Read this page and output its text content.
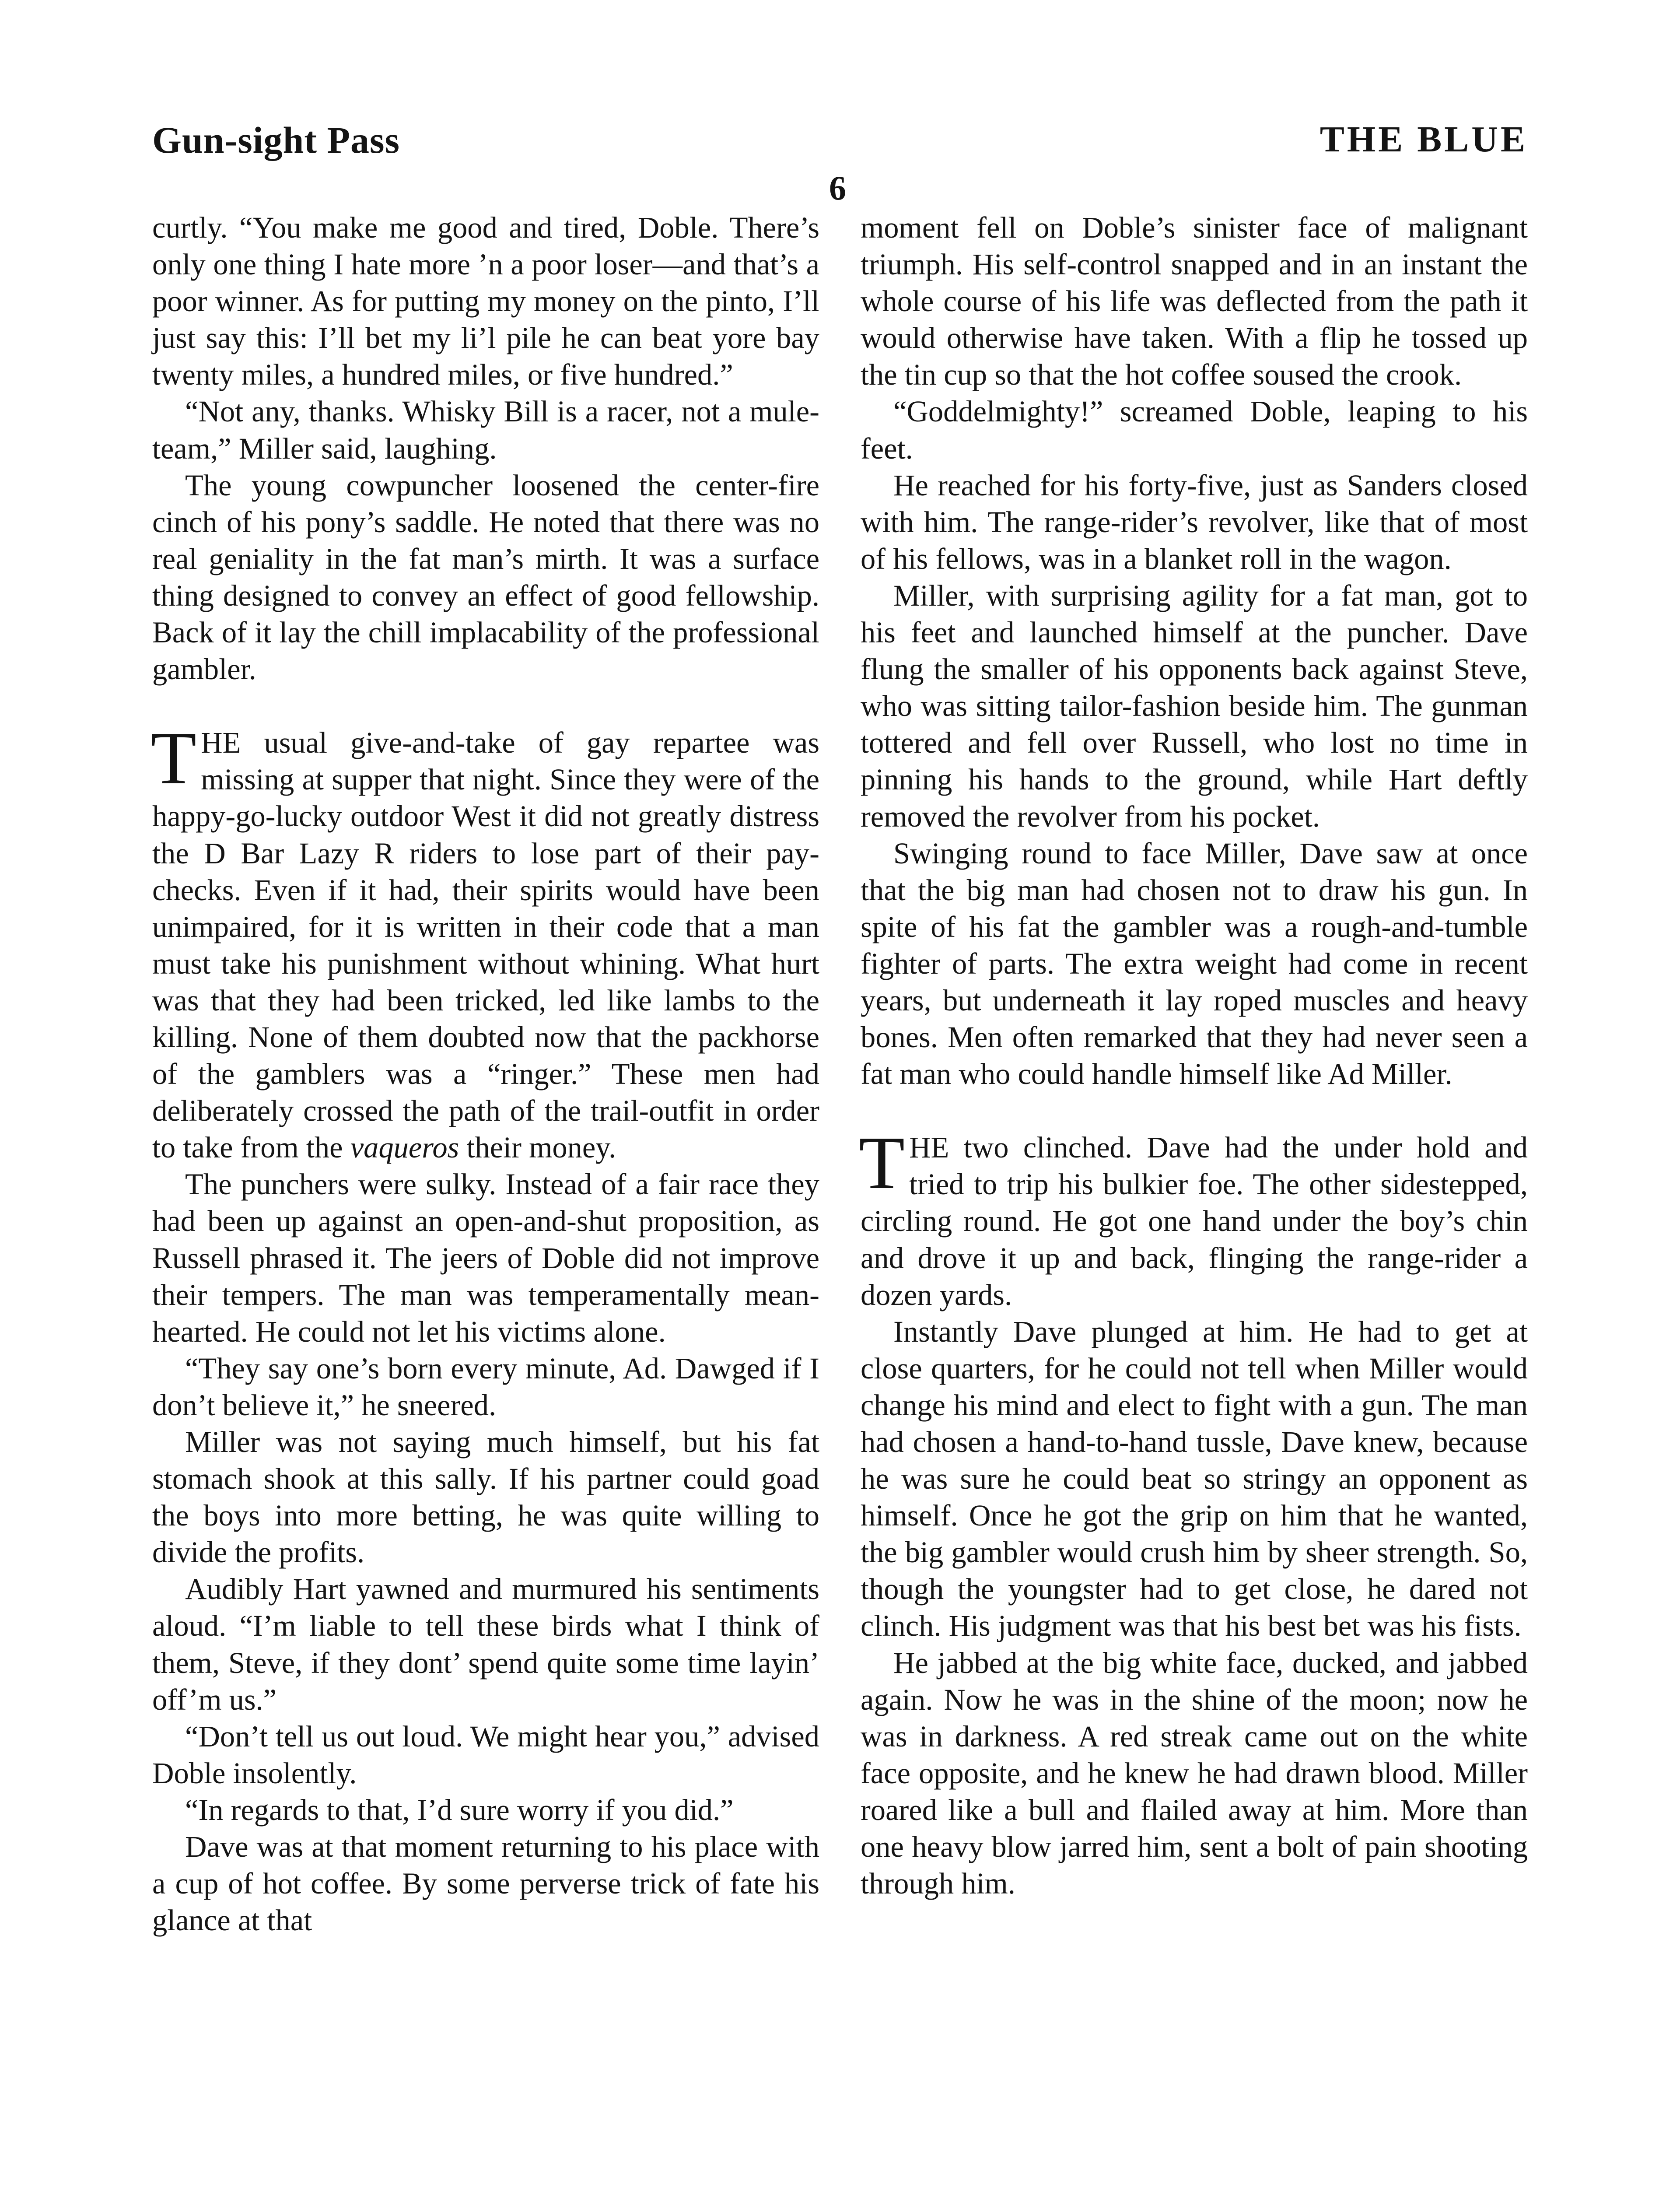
Gun-sight Pass	THE BLUE
6

curtly. “You make me good and tired, Doble. There’s only one thing I hate more ’n a poor loser—and that’s a poor winner. As for putting my money on the pinto, I’ll just say this: I’ll bet my li’l pile he can beat yore bay twenty miles, a hundred miles, or five hundred.”

“Not any, thanks. Whisky Bill is a racer, not a mule-team,” Miller said, laughing.

The young cowpuncher loosened the center-fire cinch of his pony’s saddle. He noted that there was no real geniality in the fat man’s mirth. It was a surface thing designed to convey an effect of good fellowship. Back of it lay the chill implacability of the professional gambler.

THE usual give-and-take of gay repartee was missing at supper that night. Since they were of the happy-go-lucky outdoor West it did not greatly distress the D Bar Lazy R riders to lose part of their pay-checks. Even if it had, their spirits would have been unimpaired, for it is written in their code that a man must take his punishment without whining. What hurt was that they had been tricked, led like lambs to the killing. None of them doubted now that the packhorse of the gamblers was a “ringer.” These men had deliberately crossed the path of the trail-outfit in order to take from the vaqueros their money.

The punchers were sulky. Instead of a fair race they had been up against an open-and-shut proposition, as Russell phrased it. The jeers of Doble did not improve their tempers. The man was temperamentally mean-hearted. He could not let his victims alone.

“They say one’s born every minute, Ad. Dawged if I don’t believe it,” he sneered.

Miller was not saying much himself, but his fat stomach shook at this sally. If his partner could goad the boys into more betting, he was quite willing to divide the profits.

Audibly Hart yawned and murmured his sentiments aloud. “I’m liable to tell these birds what I think of them, Steve, if they dont’ spend quite some time layin’ off’m us.”

“Don’t tell us out loud. We might hear you,” advised Doble insolently.

“In regards to that, I’d sure worry if you did.”

Dave was at that moment returning to his place with a cup of hot coffee. By some perverse trick of fate his glance at that

moment fell on Doble’s sinister face of malignant triumph. His self-control snapped and in an instant the whole course of his life was deflected from the path it would otherwise have taken. With a flip he tossed up the tin cup so that the hot coffee soused the crook.

“Goddelmighty!” screamed Doble, leaping to his feet.

He reached for his forty-five, just as Sanders closed with him. The range-rider’s revolver, like that of most of his fellows, was in a blanket roll in the wagon.

Miller, with surprising agility for a fat man, got to his feet and launched himself at the puncher. Dave flung the smaller of his opponents back against Steve, who was sitting tailor-fashion beside him. The gunman tottered and fell over Russell, who lost no time in pinning his hands to the ground, while Hart deftly removed the revolver from his pocket.

Swinging round to face Miller, Dave saw at once that the big man had chosen not to draw his gun. In spite of his fat the gambler was a rough-and-tumble fighter of parts. The extra weight had come in recent years, but underneath it lay roped muscles and heavy bones. Men often remarked that they had never seen a fat man who could handle himself like Ad Miller.

THE two clinched. Dave had the under hold and tried to trip his bulkier foe. The other sidestepped, circling round. He got one hand under the boy’s chin and drove it up and back, flinging the range-rider a dozen yards.

Instantly Dave plunged at him. He had to get at close quarters, for he could not tell when Miller would change his mind and elect to fight with a gun. The man had chosen a hand-to-hand tussle, Dave knew, because he was sure he could beat so stringy an opponent as himself. Once he got the grip on him that he wanted, the big gambler would crush him by sheer strength. So, though the youngster had to get close, he dared not clinch. His judgment was that his best bet was his fists.

He jabbed at the big white face, ducked, and jabbed again. Now he was in the shine of the moon; now he was in darkness. A red streak came out on the white face opposite, and he knew he had drawn blood. Miller roared like a bull and flailed away at him. More than one heavy blow jarred him, sent a bolt of pain shooting through him.
